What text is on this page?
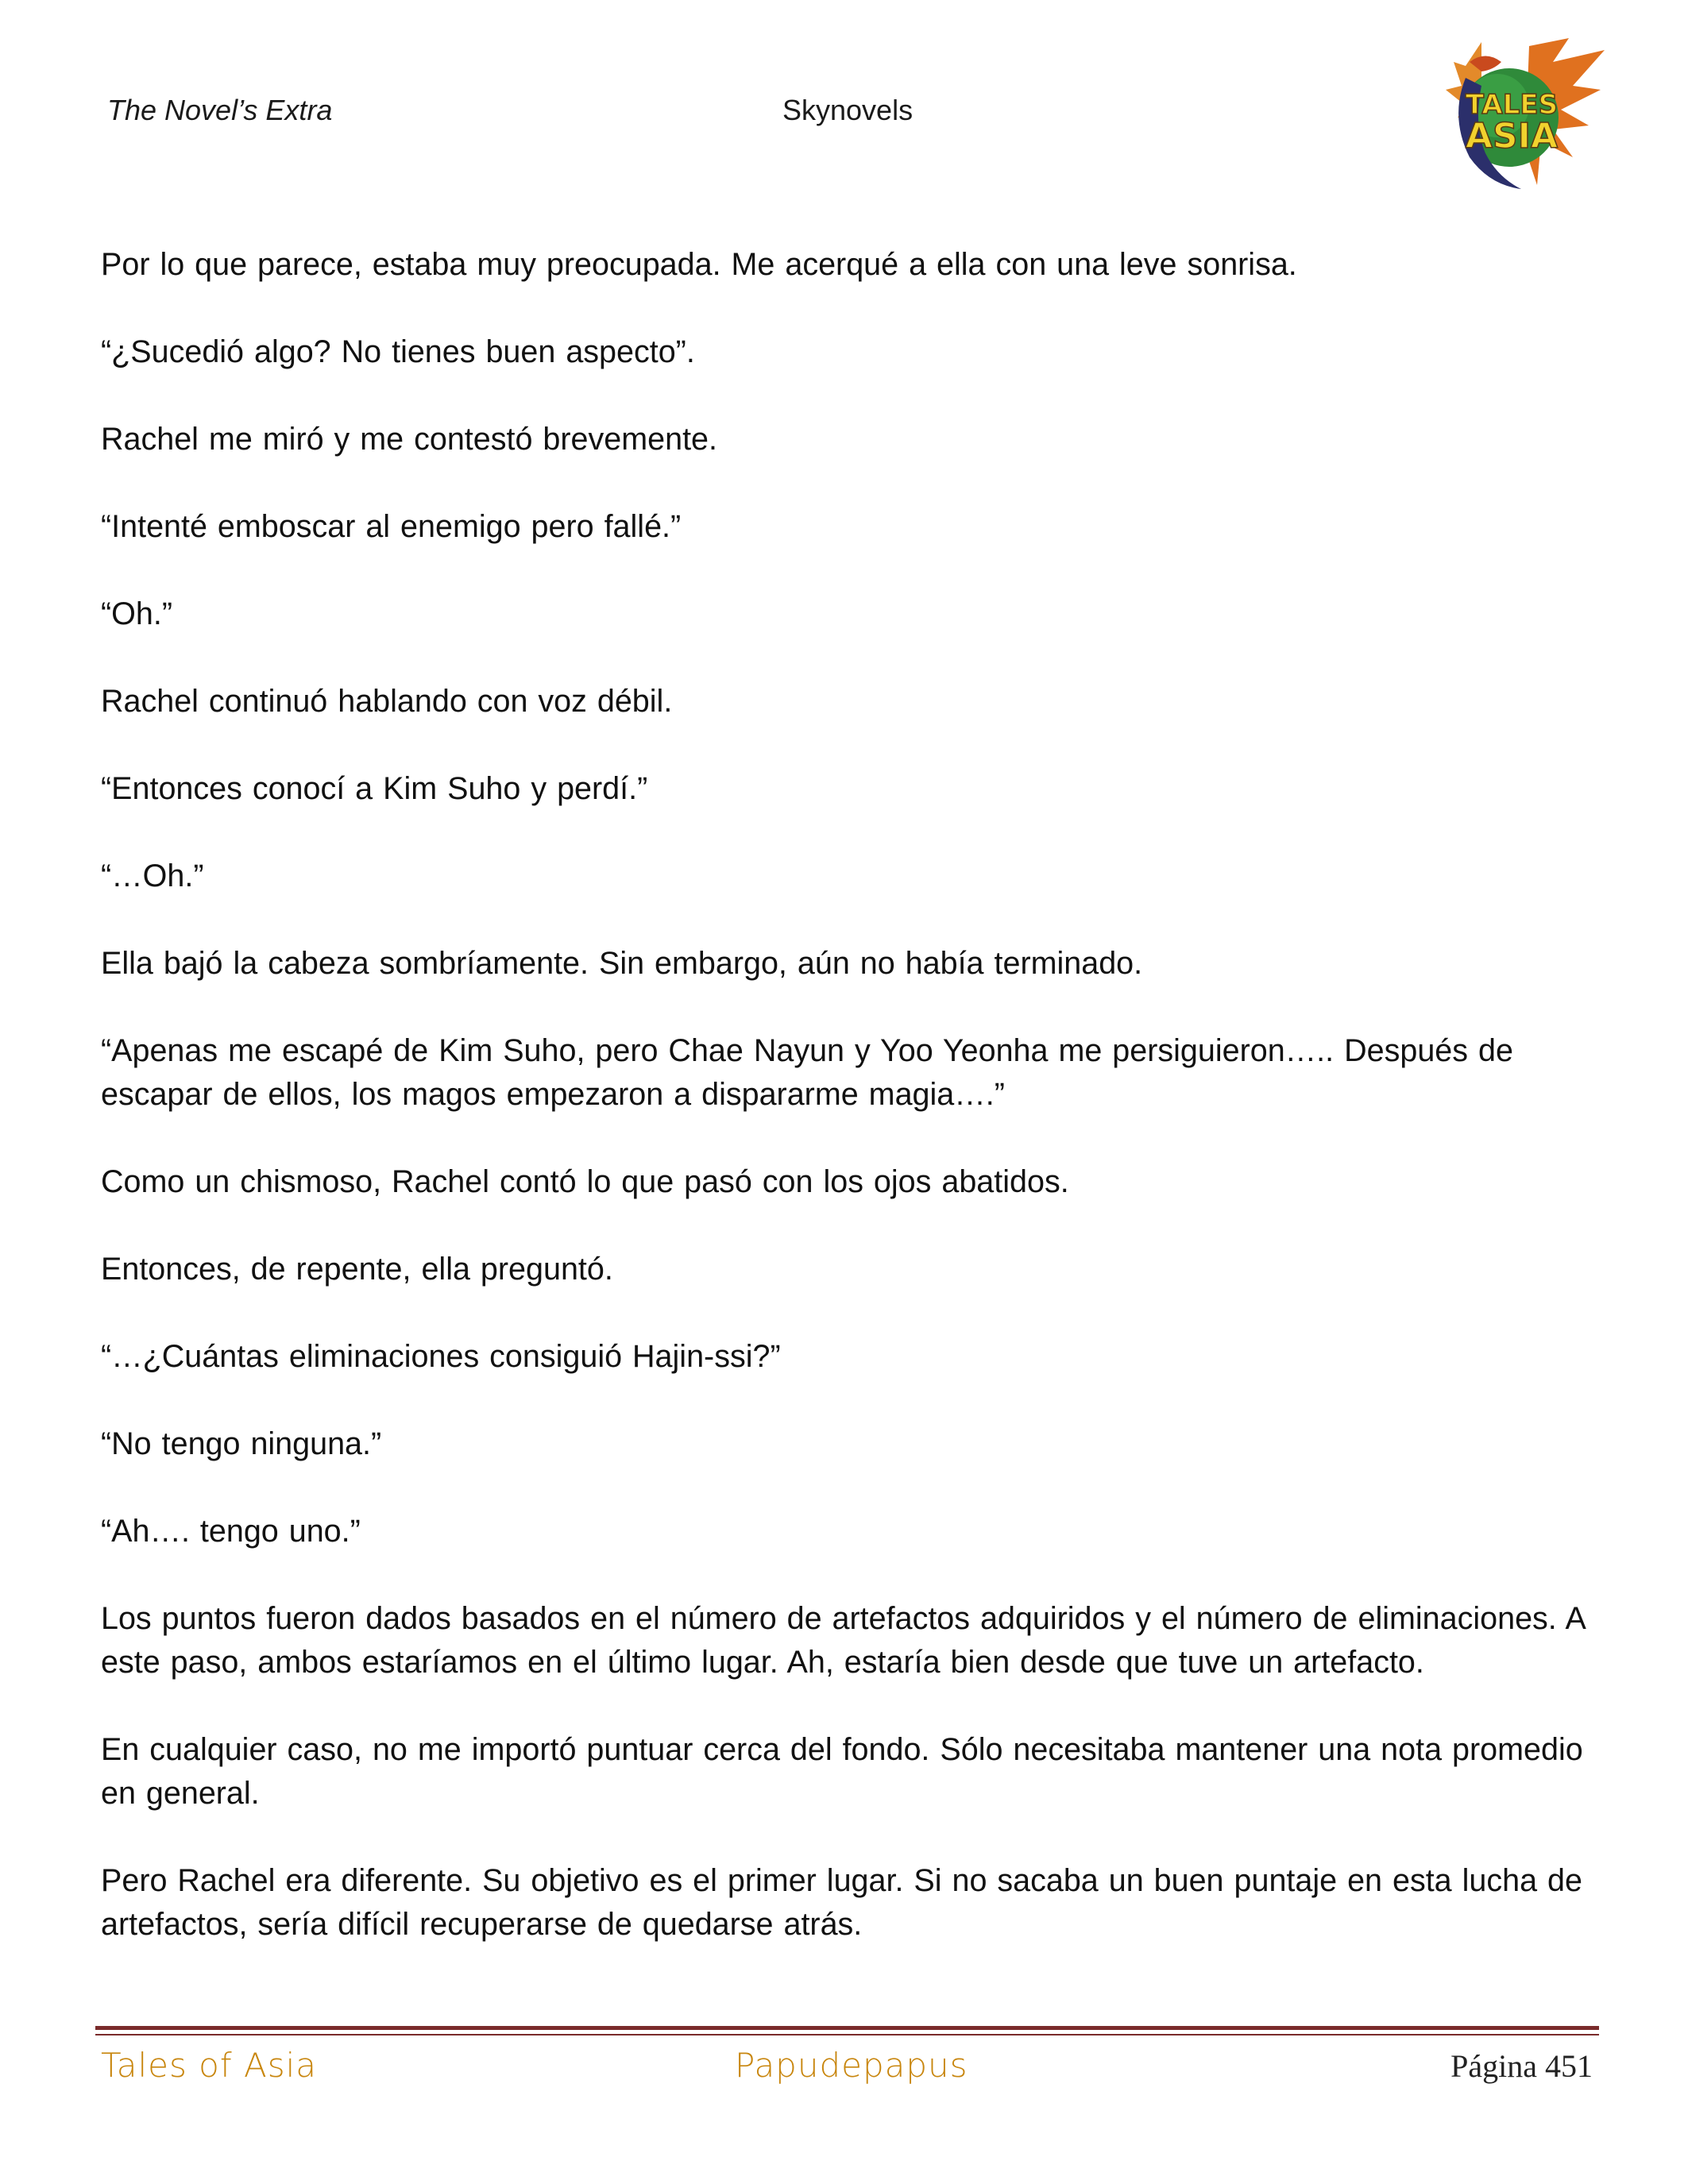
The Novel’s Extra	Skynovels	TALES
ASIA

Por lo que parece, estaba muy preocupada. Me acerqué a ella con una leve sonrisa.

“¿Sucedió algo? No tienes buen aspecto”.

Rachel me miró y me contestó brevemente.

“Intenté emboscar al enemigo pero fallé.”

“Oh.”

Rachel continuó hablando con voz débil.

“Entonces conocí a Kim Suho y perdí.”

“…Oh.”

Ella bajó la cabeza sombríamente. Sin embargo, aún no había terminado.

“Apenas me escapé de Kim Suho, pero Chae Nayun y Yoo Yeonha me persiguieron….. Después de escapar de ellos, los magos empezaron a dispararme magia….”

Como un chismoso, Rachel contó lo que pasó con los ojos abatidos.

Entonces, de repente, ella preguntó.

“…¿Cuántas eliminaciones consiguió Hajin-ssi?”

“No tengo ninguna.”

“Ah…. tengo uno.”

Los puntos fueron dados basados en el número de artefactos adquiridos y el número de eliminaciones. A este paso, ambos estaríamos en el último lugar. Ah, estaría bien desde que tuve un artefacto.

En cualquier caso, no me importó puntuar cerca del fondo. Sólo necesitaba mantener una nota promedio en general.

Pero Rachel era diferente. Su objetivo es el primer lugar. Si no sacaba un buen puntaje en esta lucha de artefactos, sería difícil recuperarse de quedarse atrás.

Tales of Asia	Papudepapus	Página 451
